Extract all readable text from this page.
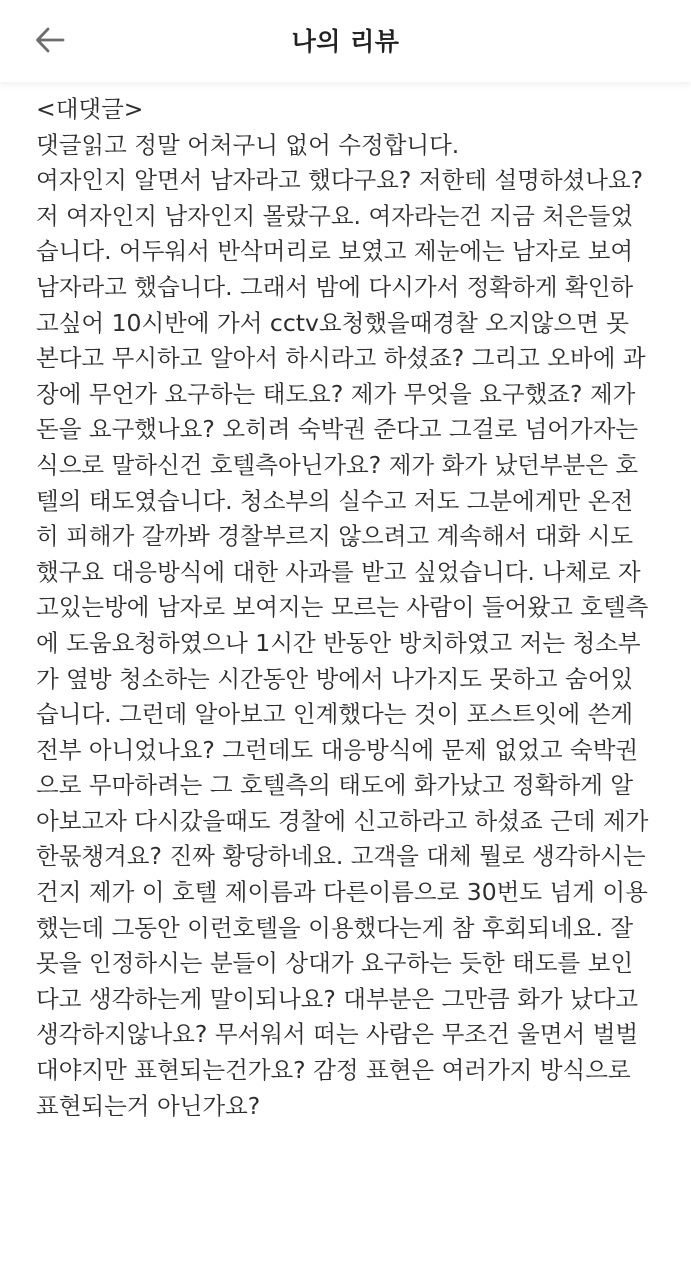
나의 리뷰
<대댓글>
댓글읽고 정말 어처구니 없어 수정합니다.
여자인지 알면서 남자라고 했다구요? 저한테 설명하셨나요?
저 여자인지 남자인지 몰랐구요. 여자라는건 지금 처은들었
습니다. 어두워서 반삭머리로 보였고 제눈에는 남자로 보여
남자라고 했습니다. 그래서 밤에 다시가서 정확하게 확인하
고싶어 10시반에 가서 cctv요청했을때경찰 오지않으면 못
본다고 무시하고 알아서 하시라고 하셨죠? 그리고 오바에 과
장에 무언가 요구하는 태도요? 제가 무엇을 요구했죠? 제가
돈을 요구했나요? 오히려 숙박권 준다고 그걸로 넘어가자는
식으로 말하신건 호텔측아닌가요? 제가 화가 났던부분은 호
텔의 태도였습니다. 청소부의 실수고 저도 그분에게만 온전
히 피해가 갈까봐 경찰부르지 않으려고 계속해서 대화 시도
했구요 대응방식에 대한 사과를 받고 싶었습니다. 나체로 자
고있는방에 남자로 보여지는 모르는 사람이 들어왔고 호텔측
에 도움요청하였으나 1시간 반동안 방치하였고 저는 청소부
가 옆방 청소하는 시간동안 방에서 나가지도 못하고 숨어있
습니다. 그런데 알아보고 인계했다는 것이 포스트잇에 쓴게
전부 아니었나요? 그런데도 대응방식에 문제 없었고 숙박권
으로 무마하려는 그 호텔측의 태도에 화가났고 정확하게 알
아보고자 다시갔을때도 경찰에 신고하라고 하셨죠 근데 제가
한몫챙겨요? 진짜 황당하네요. 고객을 대체 뭘로 생각하시는
건지 제가 이 호텔 제이름과 다른이름으로 30번도 넘게 이용
했는데 그동안 이런호텔을 이용했다는게 참 후회되네요. 잘
못을 인정하시는 분들이 상대가 요구하는 듯한 태도를 보인
다고 생각하는게 말이되나요? 대부분은 그만큼 화가 났다고
생각하지않나요? 무서워서 떠는 사람은 무조건 울면서 벌벌
대야지만 표현되는건가요? 감정 표현은 여러가지 방식으로
표현되는거 아닌가요?
